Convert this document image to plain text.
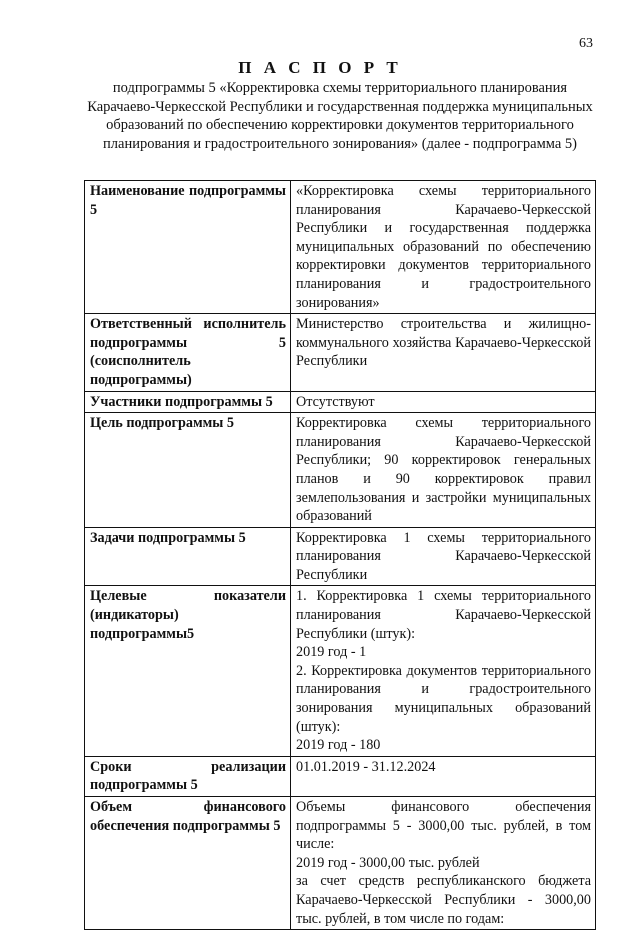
63
П А С П О Р Т
подпрограммы 5 «Корректировка схемы территориального планирования Карачаево-Черкесской Республики и государственная поддержка муниципальных образований по обеспечению корректировки документов территориального планирования и градостроительного зонирования» (далее - подпрограмма 5)
Наименование подпрограммы 5	«Корректировка схемы территориального планирования Карачаево-Черкесской Республики и государственная поддержка муниципальных образований по обеспечению корректировки документов территориального планирования и градостроительного зонирования»

Ответственный исполнитель подпрограммы 5 (соисполнитель подпрограммы)	Министерство строительства и жилищно-коммунального хозяйства Карачаево-Черкесской Республики

Участники подпрограммы 5	Отсутствуют

Цель подпрограммы 5	Корректировка схемы территориального планирования Карачаево-Черкесской Республики; 90 корректировок генеральных планов и 90 корректировок правил землепользования и застройки муниципальных образований

Задачи подпрограммы 5	Корректировка 1 схемы территориального планирования Карачаево-Черкесской Республики

Целевые показатели (индикаторы) подпрограммы5	1. Корректировка 1 схемы территориального планирования Карачаево-Черкесской Республики (штук):
2019 год - 1
2. Корректировка документов территориального планирования и градостроительного зонирования муниципальных образований (штук):
2019 год - 180

Сроки реализации подпрограммы 5	01.01.2019 - 31.12.2024

Объем финансового обеспечения подпрограммы 5	Объемы финансового обеспечения подпрограммы 5 - 3000,00 тыс. рублей, в том числе:
2019 год - 3000,00 тыс. рублей
за счет средств республиканского бюджета Карачаево-Черкесской Республики - 3000,00 тыс. рублей, в том числе по годам:
